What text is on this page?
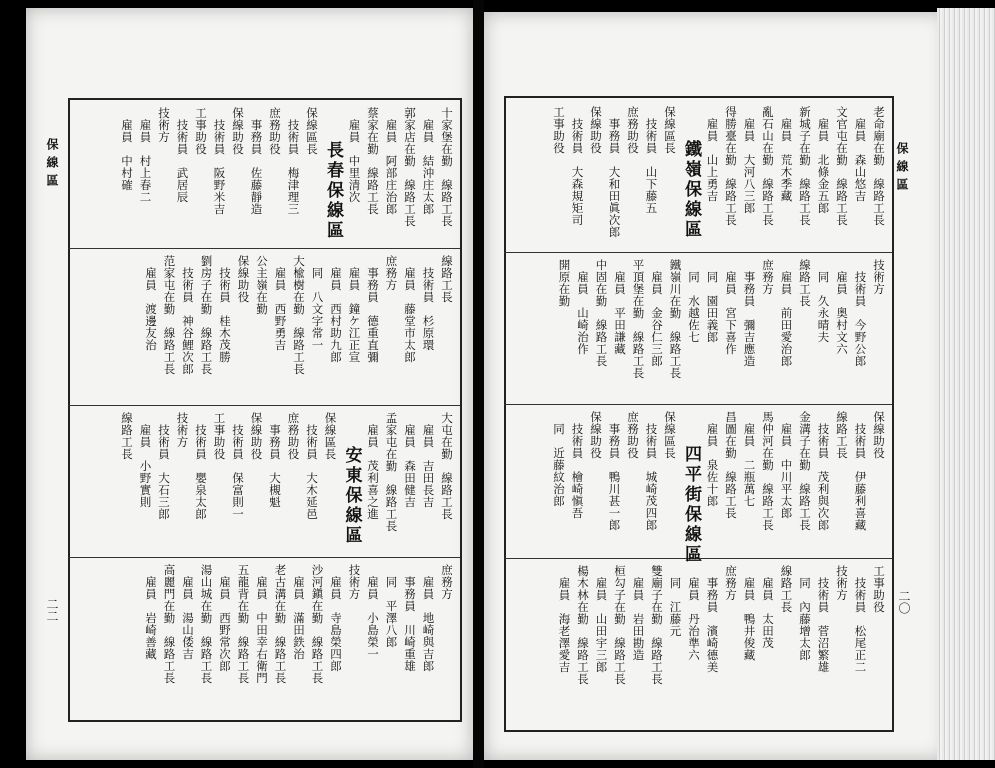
保線區
二二
十家堡在勤　線路工長
雇員　結沖庄太郎
郭家店在勤　線路工長
雇員　阿部庄治郎
蔡家在勤　線路工長
雇員　中里清次
長春保線區
保線區長
技術員　梅津理三
庶務助役
事務員　佐藤靜造
保線助役
技術員　阪野米吉
工事助役
技術員　武居辰
技術方
雇員　村上春二
雇員　中村確
線路工長
技術員　杉原環
雇員　藤堂市太郎
庶務方
事務員　德重直彌
雇員　鐘ケ江正宣
雇員　西村助九郎
同　八文字常一
大楡樹在勤　線路工長
雇員　西野勇吉
公主嶺在勤
保線助役
技術員　桂木茂勝
劉房子在勤　線路工長
技術員　神谷鯉次郎
范家屯在勤　線路工長
雇員　渡邊友治
大屯在勤　線路工長
雇員　吉田長吉
雇員　森田健吉
孟家屯在勤　線路工長
雇員　茂利喜之進
安東保線區
保線區長
技術員　大木延邑
庶務助役
事務員　大槻魁
保線助役
技術員　保富則一
工事助役
技術員　嬰泉太郎
技術方
技術員　大石三郎
雇員　小野實則
線路工長
庶務方
雇員　地崎與吉郎
事務員　川崎重雄
同　平澤八郎
雇員　小島榮一
技術方
雇員　寺島榮四郎
沙河鎭在勤　線路工長
雇員　滿田鉄治
老古溝在勤　線路工長
雇員　中田幸右衛門
五龍背在勤　線路工長
雇員　西野常次郎
湯山城在勤　線路工長
雇員　湯山倭吉
高麗門在勤　線路工長
雇員　岩崎善藏
保線區
二〇
老命廟在勤　線路工長
雇員　森山悠吉
文官屯在勤　線路工長
雇員　北條金五郎
新城子在勤　線路工長
雇員　荒木季藏
亂石山在勤　線路工長
雇員　大河八三郎
得勝臺在勤　線路工長
雇員　山上勇吉
鐵嶺保線區
保線區長
技術員　山下藤五
庶務助役
事務員　大和田眞次郎
保線助役
技術員　大森規矩司
工事助役
技術方
技術員　今野公郎
雇員　奥村文六
同　久永晴夫
線路工長
雇員　前田愛治郎
庶務方
事務員　彌吉應造
雇員　宮下喜作
同　園田義郎
同　水越佐七
鐵嶺川在勤　線路工長
雇員　金谷仁三郎
平頂堡在勤　線路工長
雇員　平田謙藏
中固在勤　線路工長
雇員　山崎治作
開原在勤
保線助役
技術員　伊藤利喜藏
線路工長
技術員　茂利與次郎
金溝子在勤　線路工長
雇員　中川平太郎
馬仲河在勤　線路工長
雇員　二瓶萬七
昌圖在勤　線路工長
雇員　泉佐十郎
四平街保線區
保線區長
技術員　城崎茂四郎
庶務助役
事務員　鴨川甚一郎
保線助役
技術員　檜崎愼吾
同　近藤紋治郎
工事助役
技術員　松尾正二
技術方
技術員　菅沼繁雄
同　內藤增太郎
線路工長
雇員　太田茂
雇員　鴨井俊藏
庶務方
事務員　濱崎德美
雇員　丹治準六
同　江藤元
雙廟子在勤　線路工長
雇員　岩田勘造
桓勾子在勤　線路工長
雇員　山田宇三郎
楊木林在勤　線路工長
雇員　海老澤愛吉
